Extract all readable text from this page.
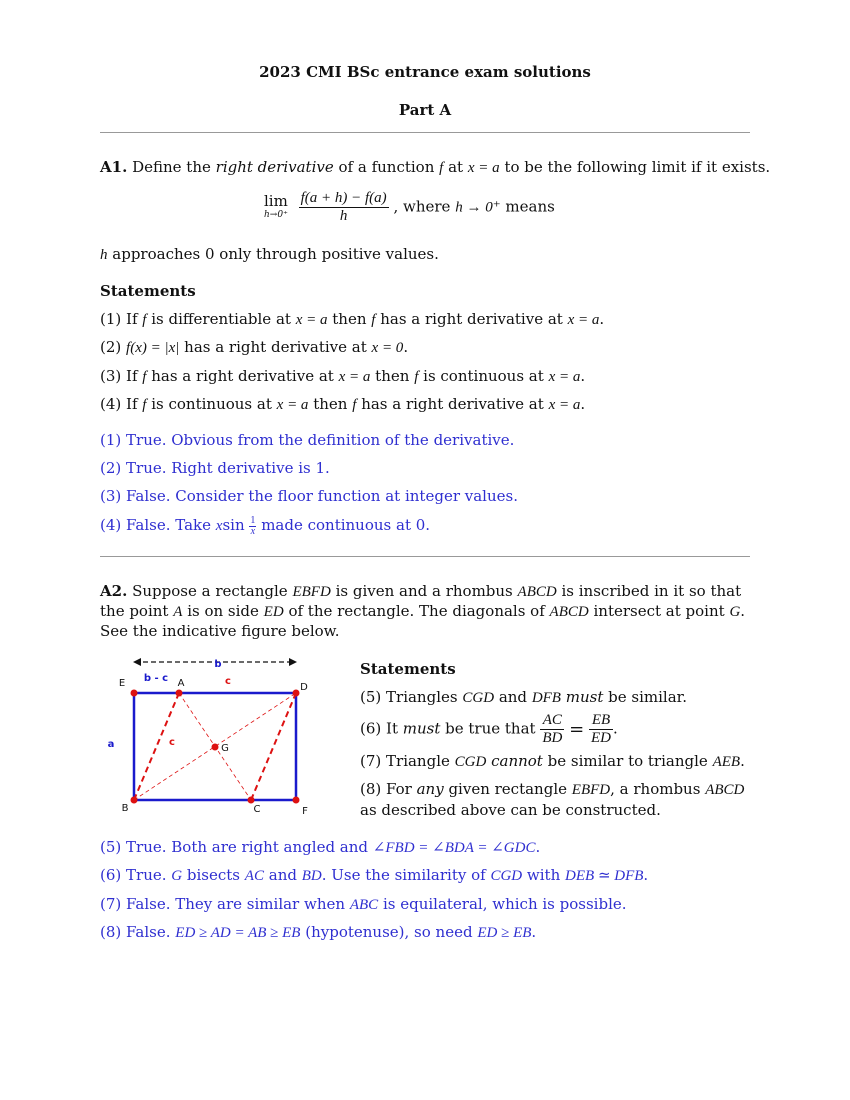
2023 CMI BSc entrance exam solutions
Part A
A1. Define the right derivative of a function f at x = a to be the following limit if it exists.
lim
h→0⁺
$\frac{f(a + h) - f(a)}{h}$ , where h → 0⁺ means
h approaches 0 only through positive values.
Statements
(1) If f is differentiable at x = a then f has a right derivative at x = a.
(2) f(x) = |x| has a right derivative at x = 0.
(3) If f has a right derivative at x = a then f is continuous at x = a.
(4) If f is continuous at x = a then f has a right derivative at x = a.
(1) True. Obvious from the definition of the derivative.
(2) True. Right derivative is 1.
(3) False. Consider the floor function at integer values.
(4) False. Take xsin $\frac{1}{x}$ made continuous at 0.
A2. Suppose a rectangle EBFD is given and a rhombus ABCD is inscribed in it so that
the point A is on side ED of the rectangle. The diagonals of ABCD intersect at point G.
See the indicative figure below.
b
b - c	c
c
a
E	A	D
G
B	C	F
Statements
(5) Triangles CGD and DFB must be similar.
(6) It must be true that $\frac{AC}{BD} = \frac{EB}{ED}$ .
(7) Triangle CGD cannot be similar to triangle AEB.
(8) For any given rectangle EBFD, a rhombus ABCD
as described above can be constructed.
(5) True. Both are right angled and ∠FBD = ∠BDA = ∠GDC.
(6) True. G bisects AC and BD. Use the similarity of CGD with DEB ≃ DFB.
(7) False. They are similar when ABC is equilateral, which is possible.
(8) False. ED ≥ AD = AB ≥ EB (hypotenuse), so need ED ≥ EB.
